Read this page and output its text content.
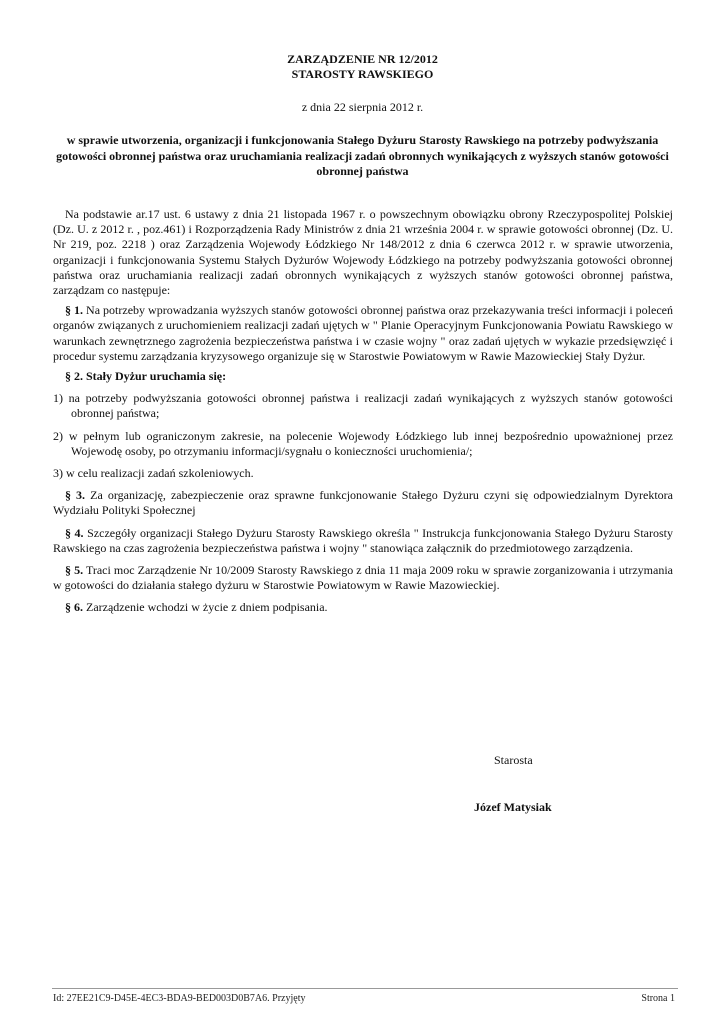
ZARZĄDZENIE NR 12/2012
STAROSTY RAWSKIEGO
z dnia 22 sierpnia 2012 r.
w sprawie utworzenia, organizacji i funkcjonowania Stałego Dyżuru Starosty Rawskiego na potrzeby podwyższania gotowości obronnej państwa oraz uruchamiania realizacji zadań obronnych wynikających z wyższych stanów gotowości obronnej państwa

Na podstawie ar.17 ust. 6 ustawy z dnia 21 listopada 1967 r. o powszechnym obowiązku obrony Rzeczypospolitej Polskiej (Dz. U. z 2012 r. , poz.461) i Rozporządzenia Rady Ministrów z dnia 21 września 2004 r. w sprawie gotowości obronnej (Dz. U. Nr 219, poz. 2218 ) oraz Zarządzenia Wojewody Łódzkiego Nr 148/2012 z dnia 6 czerwca 2012 r. w sprawie utworzenia, organizacji i funkcjonowania Systemu Stałych Dyżurów Wojewody Łódzkiego na potrzeby podwyższania gotowości obronnej państwa oraz uruchamiania realizacji zadań obronnych wynikających z wyższych stanów gotowości obronnej państwa, zarządzam co następuje:

§ 1. Na potrzeby wprowadzania wyższych stanów gotowości obronnej państwa oraz przekazywania treści informacji i poleceń organów związanych z uruchomieniem realizacji zadań ujętych w " Planie Operacyjnym Funkcjonowania Powiatu Rawskiego w warunkach zewnętrznego zagrożenia bezpieczeństwa państwa i w czasie wojny " oraz zadań ujętych w wykazie przedsięwzięć i procedur systemu zarządzania kryzysowego organizuje się w Starostwie Powiatowym w Rawie Mazowieckiej Stały Dyżur.

§ 2. Stały Dyżur uruchamia się:

1) na potrzeby podwyższania gotowości obronnej państwa i realizacji zadań wynikających z wyższych stanów gotowości obronnej państwa;

2) w pełnym lub ograniczonym zakresie, na polecenie Wojewody Łódzkiego lub innej bezpośrednio upoważnionej przez Wojewodę osoby, po otrzymaniu informacji/sygnału o konieczności uruchomienia/;

3) w celu realizacji zadań szkoleniowych.

§ 3. Za organizację, zabezpieczenie oraz sprawne funkcjonowanie Stałego Dyżuru czyni się odpowiedzialnym Dyrektora Wydziału Polityki Społecznej

§ 4. Szczegóły organizacji Stałego Dyżuru Starosty Rawskiego określa " Instrukcja funkcjonowania Stałego Dyżuru Starosty Rawskiego na czas zagrożenia bezpieczeństwa państwa i wojny " stanowiąca załącznik do przedmiotowego zarządzenia.

§ 5. Traci moc Zarządzenie Nr 10/2009 Starosty Rawskiego z dnia 11 maja 2009 roku w sprawie zorganizowania i utrzymania w gotowości do działania stałego dyżuru w Starostwie Powiatowym w Rawie Mazowieckiej.

§ 6. Zarządzenie wchodzi w życie z dniem podpisania.

Starosta
Józef Matysiak
Id: 27EE21C9-D45E-4EC3-BDA9-BED003D0B7A6. Przyjęty	Strona 1
